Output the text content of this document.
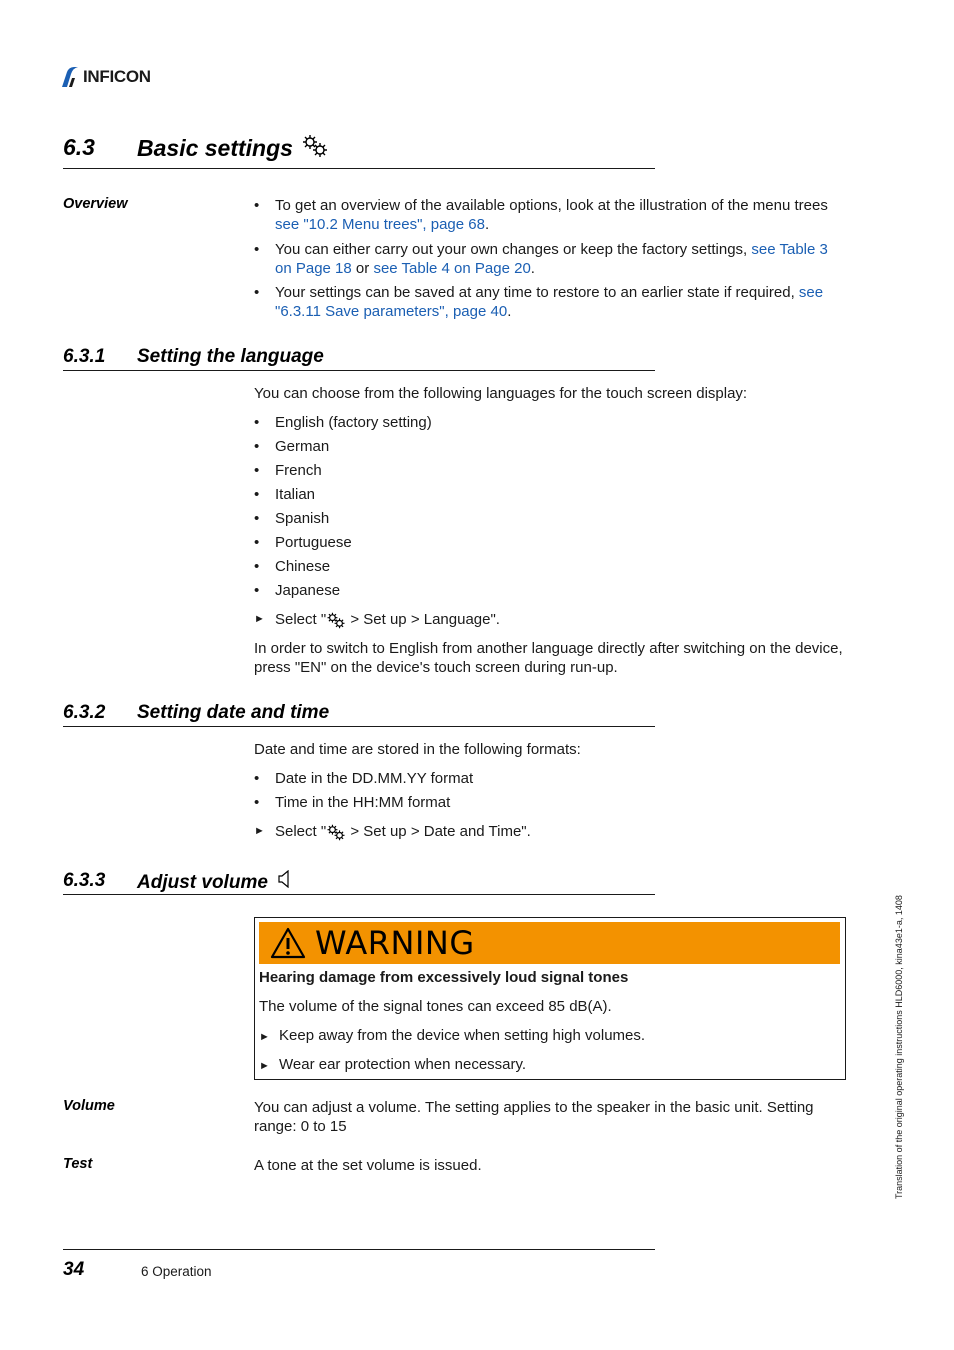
INFICON
6.3 Basic settings
Overview	•	To get an overview of the available options, look at the illustration of the menu trees see "10.2 Menu trees", page 68.
•	You can either carry out your own changes or keep the factory settings, see Table 3 on Page 18 or see Table 4 on Page 20.
•	Your settings can be saved at any time to restore to an earlier state if required, see "6.3.11 Save parameters", page 40.
6.3.1 Setting the language
You can choose from the following languages for the touch screen display:
•	English (factory setting)
•	German
•	French
•	Italian
•	Spanish
•	Portuguese
•	Chinese
•	Japanese
► Select " > Set up > Language".
In order to switch to English from another language directly after switching on the device, press "EN" on the device's touch screen during run-up.
6.3.2 Setting date and time
Date and time are stored in the following formats:
•	Date in the DD.MM.YY format
•	Time in the HH:MM format
► Select " > Set up > Date and Time".
6.3.3 Adjust volume
WARNING
Hearing damage from excessively loud signal tones
The volume of the signal tones can exceed 85 dB(A).
► Keep away from the device when setting high volumes.
► Wear ear protection when necessary.
Volume	You can adjust a volume. The setting applies to the speaker in the basic unit. Setting range: 0 to 15
Test	A tone at the set volume is issued.	Translation of the original operating instructions HLD6000, kina43e1-a, 1408
34	6 Operation
